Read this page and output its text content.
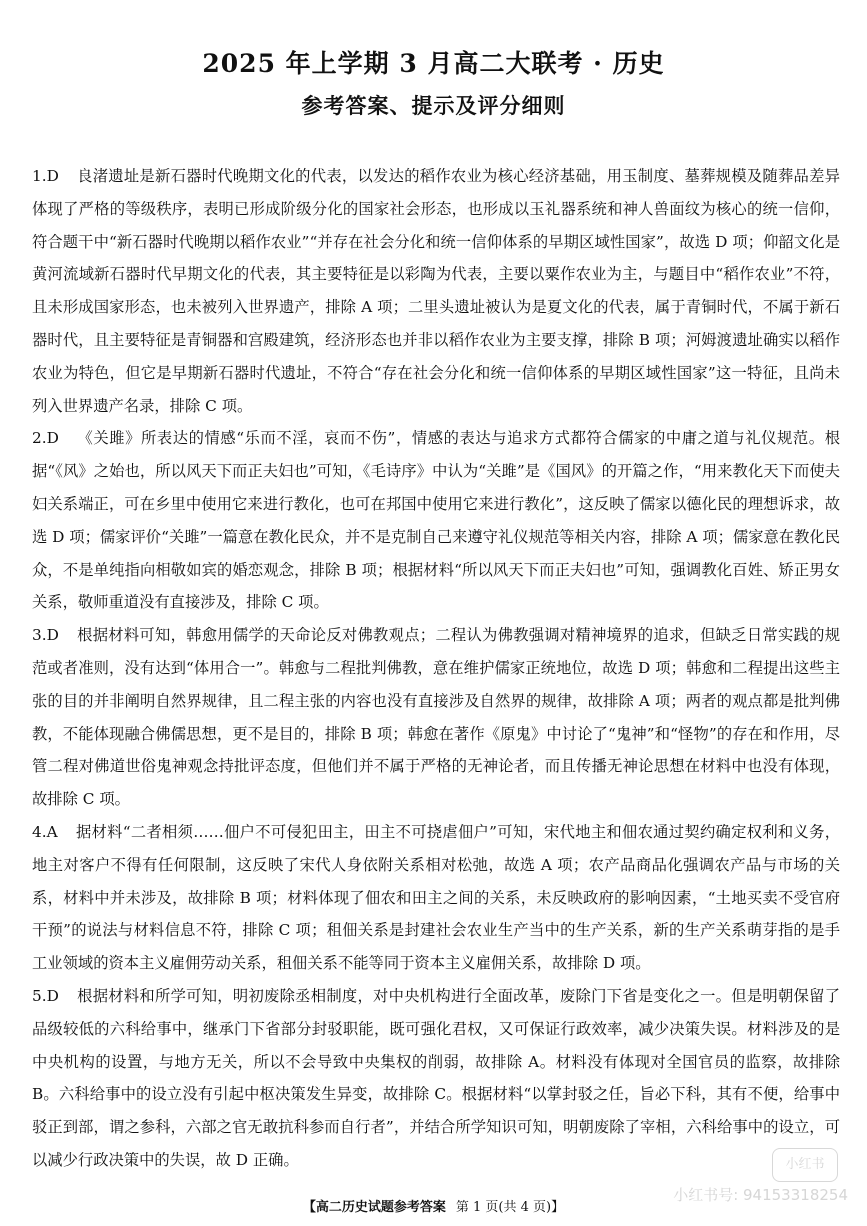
2025 年上学期 3 月高二大联考 · 历史
参考答案、提示及评分细则
1.D 良渚遗址是新石器时代晚期文化的代表，以发达的稻作农业为核心经济基础，用玉制度、墓葬规模及随葬品差异体现了严格的等级秩序，表明已形成阶级分化的国家社会形态，也形成以玉礼器系统和神人兽面纹为核心的统一信仰，符合题干中“新石器时代晚期以稻作农业”“并存在社会分化和统一信仰体系的早期区域性国家”，故选 D 项；仰韶文化是黄河流域新石器时代早期文化的代表，其主要特征是以彩陶为代表，主要以粟作农业为主，与题目中“稻作农业”不符，且未形成国家形态，也未被列入世界遗产，排除 A 项；二里头遗址被认为是夏文化的代表，属于青铜时代，不属于新石器时代，且主要特征是青铜器和宫殿建筑，经济形态也并非以稻作农业为主要支撑，排除 B 项；河姆渡遗址确实以稻作农业为特色，但它是早期新石器时代遗址，不符合“存在社会分化和统一信仰体系的早期区域性国家”这一特征，且尚未列入世界遗产名录，排除 C 项。
2.D 《关雎》所表达的情感“乐而不淫，哀而不伤”，情感的表达与追求方式都符合儒家的中庸之道与礼仪规范。根据“《风》之始也，所以风天下而正夫妇也”可知，《毛诗序》中认为“关雎”是《国风》的开篇之作，“用来教化天下而使夫妇关系端正，可在乡里中使用它来进行教化，也可在邦国中使用它来进行教化”，这反映了儒家以德化民的理想诉求，故选 D 项；儒家评价“关雎”一篇意在教化民众，并不是克制自己来遵守礼仪规范等相关内容，排除 A 项；儒家意在教化民众，不是单纯指向相敬如宾的婚恋观念，排除 B 项；根据材料“所以风天下而正夫妇也”可知，强调教化百姓、矫正男女关系，敬师重道没有直接涉及，排除 C 项。
3.D 根据材料可知，韩愈用儒学的天命论反对佛教观点；二程认为佛教强调对精神境界的追求，但缺乏日常实践的规范或者准则，没有达到“体用合一”。韩愈与二程批判佛教，意在维护儒家正统地位，故选 D 项；韩愈和二程提出这些主张的目的并非阐明自然界规律，且二程主张的内容也没有直接涉及自然界的规律，故排除 A 项；两者的观点都是批判佛教，不能体现融合佛儒思想，更不是目的，排除 B 项；韩愈在著作《原鬼》中讨论了“鬼神”和“怪物”的存在和作用，尽管二程对佛道世俗鬼神观念持批评态度，但他们并不属于严格的无神论者，而且传播无神论思想在材料中也没有体现，故排除 C 项。
4.A 据材料“二者相须……佃户不可侵犯田主，田主不可挠虐佃户”可知，宋代地主和佃农通过契约确定权利和义务，地主对客户不得有任何限制，这反映了宋代人身依附关系相对松弛，故选 A 项；农产品商品化强调农产品与市场的关系，材料中并未涉及，故排除 B 项；材料体现了佃农和田主之间的关系，未反映政府的影响因素，“土地买卖不受官府干预”的说法与材料信息不符，排除 C 项；租佃关系是封建社会农业生产当中的生产关系，新的生产关系萌芽指的是手工业领域的资本主义雇佣劳动关系，租佃关系不能等同于资本主义雇佣关系，故排除 D 项。
5.D 根据材料和所学可知，明初废除丞相制度，对中央机构进行全面改革，废除门下省是变化之一。但是明朝保留了品级较低的六科给事中，继承门下省部分封驳职能，既可强化君权，又可保证行政效率，减少决策失误。材料涉及的是中央机构的设置，与地方无关，所以不会导致中央集权的削弱，故排除 A。材料没有体现对全国官员的监察，故排除 B。六科给事中的设立没有引起中枢决策发生异变，故排除 C。根据材料“以掌封驳之任，旨必下科，其有不便，给事中驳正到部，谓之参科，六部之官无敢抗科参而自行者”，并结合所学知识可知，明朝废除了宰相，六科给事中的设立，可以减少行政决策中的失误，故 D 正确。
【高二历史试题参考答案 第 1 页(共 4 页)】
小红书
小红书号: 9415331​8254
